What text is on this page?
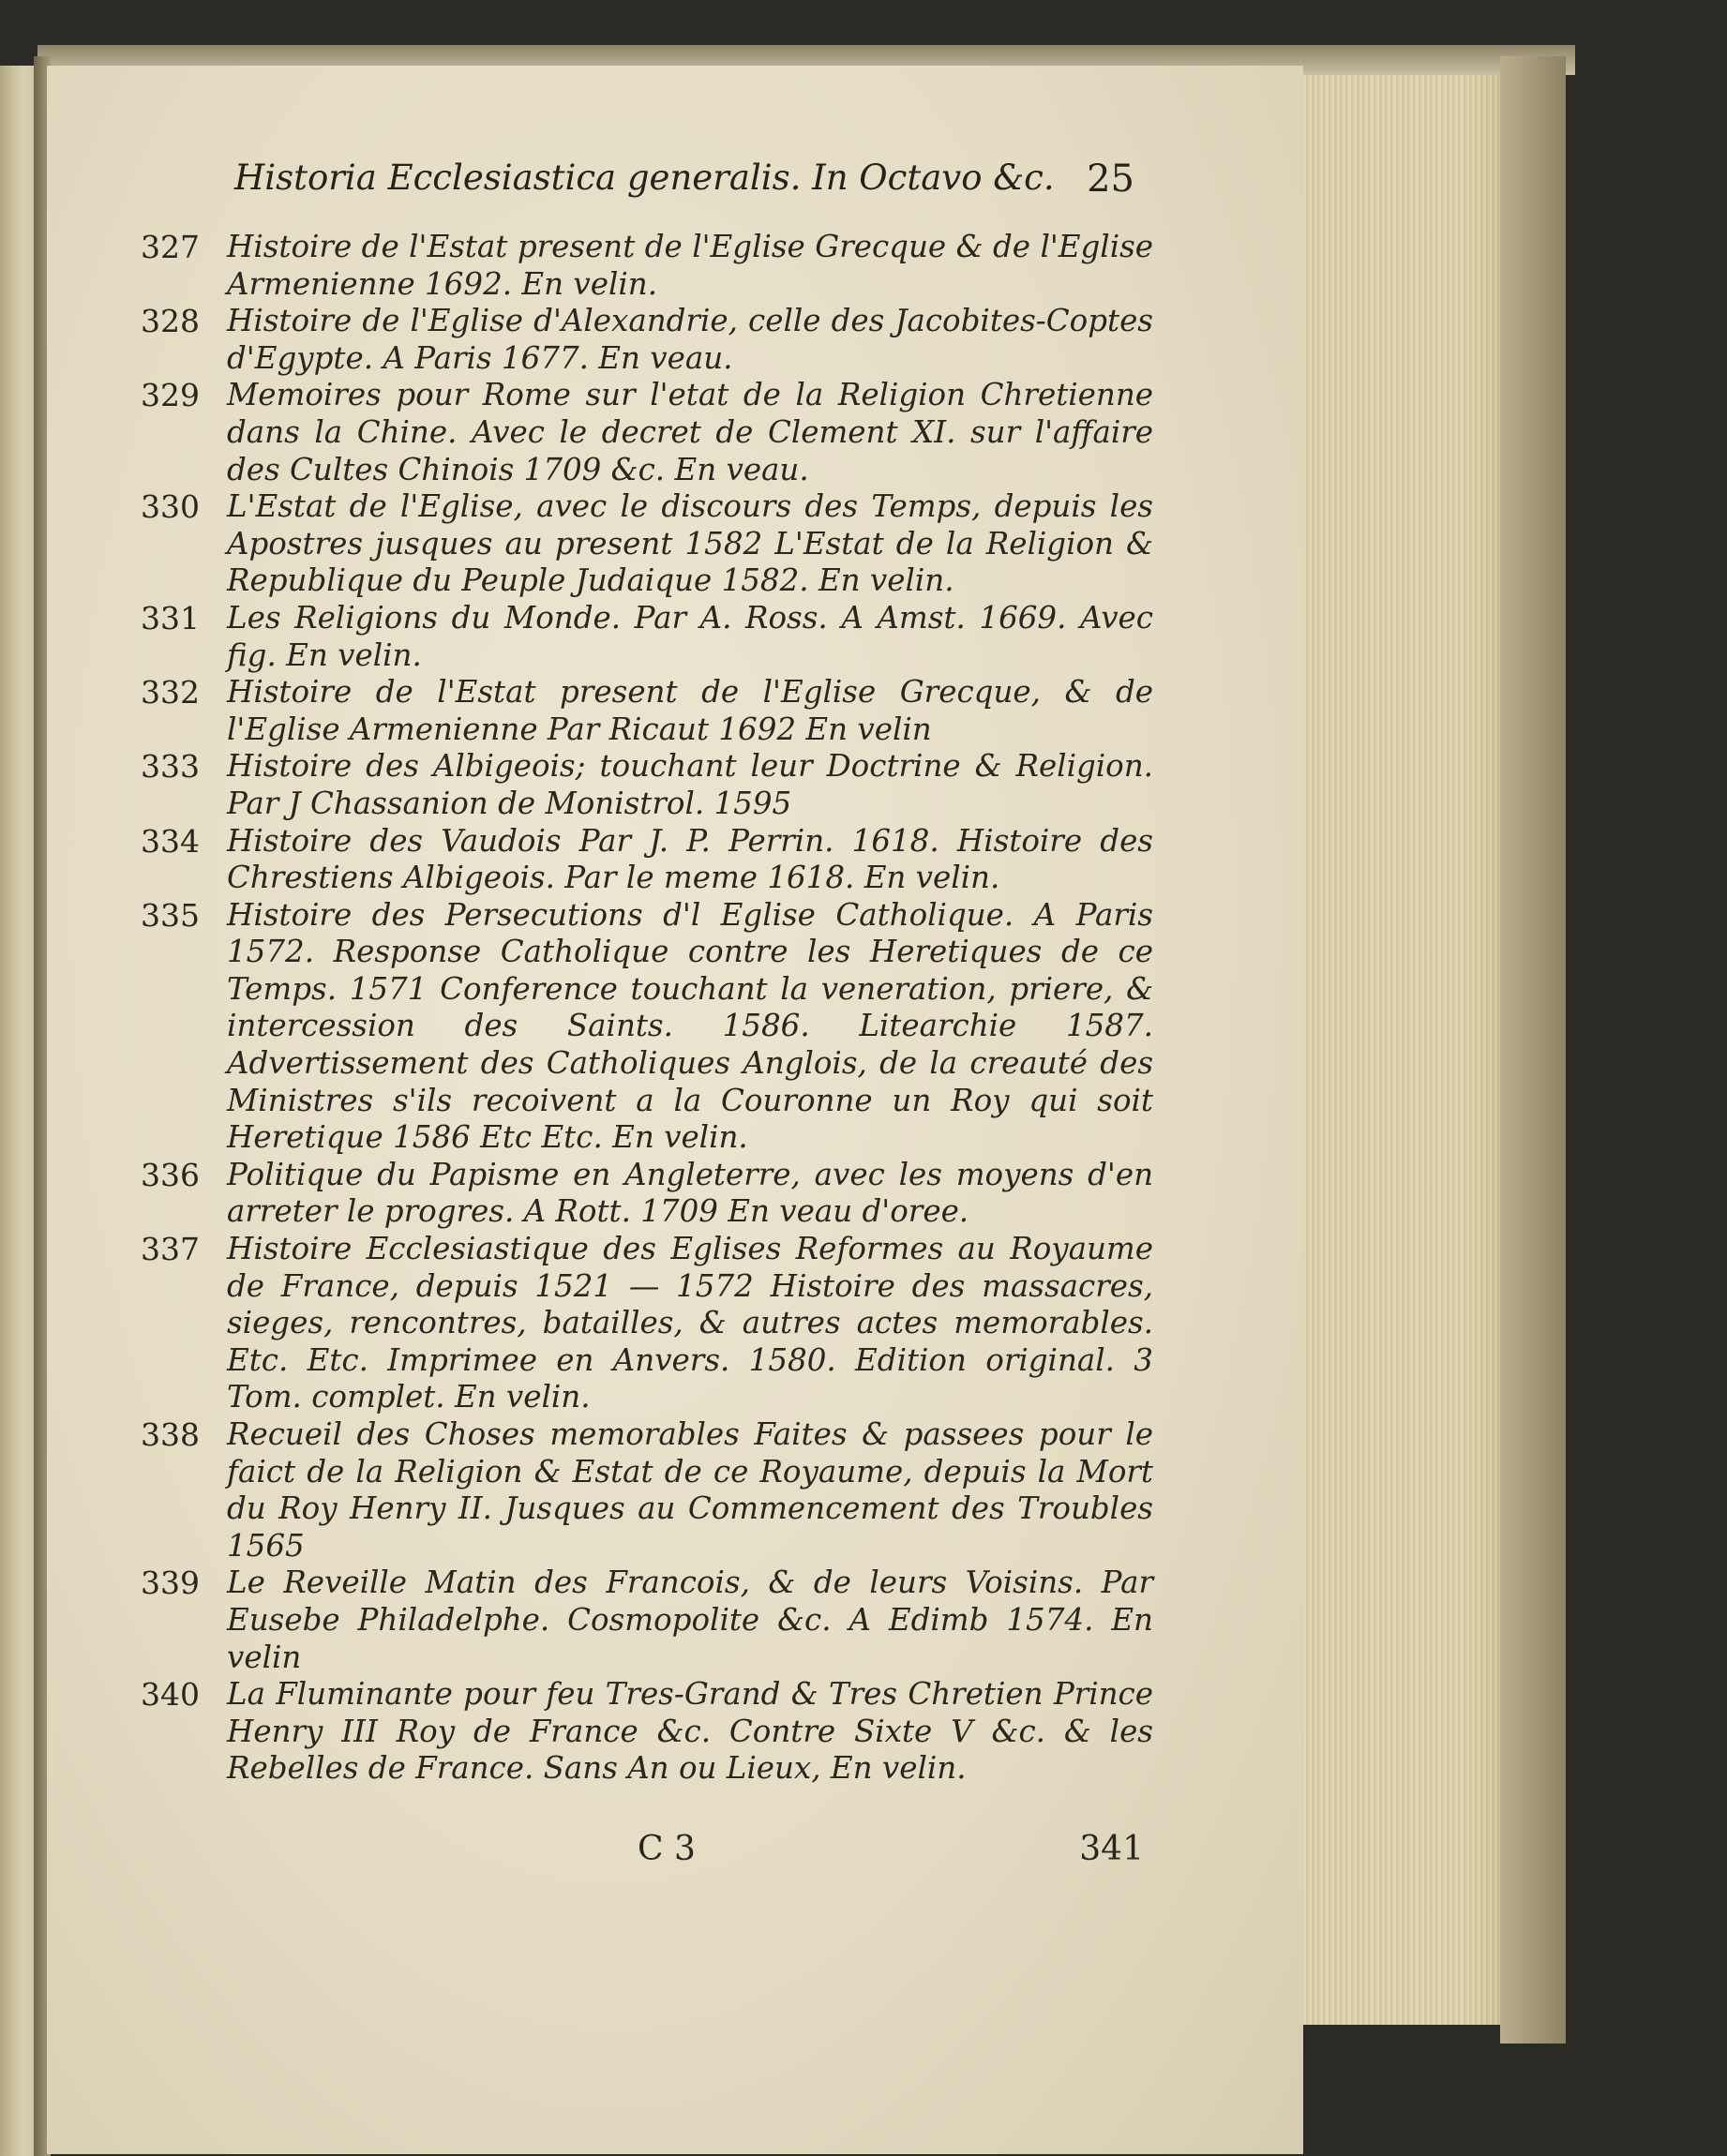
Historia Ecclesiastica generalis. In Octavo &c. 25
327 Histoire de l'Estat present de l'Eglise Grecque & de l'Eglise Armenienne 1692. En velin.
328 Histoire de l'Eglise d'Alexandrie, celle des Jacobites-Coptes d'Egypte. A Paris 1677. En veau.
329 Memoires pour Rome sur l'etat de la Religion Chretienne dans la Chine. Avec le decret de Clement XI. sur l'affaire des Cultes Chinois 1709 &c. En veau.
330 L'Estat de l'Eglise, avec le discours des Temps, depuis les Apostres jusques au present 1582 L'Estat de la Religion & Republique du Peuple Judaique 1582. En velin.
331 Les Religions du Monde. Par A. Ross. A Amst. 1669. Avec fig. En velin.
332 Histoire de l'Estat present de l'Eglise Grecque, & de l'Eglise Armenienne Par Ricaut 1692 En velin
333 Histoire des Albigeois; touchant leur Doctrine & Religion. Par J Chassanion de Monistrol. 1595
334 Histoire des Vaudois Par J. P. Perrin. 1618. Histoire des Chrestiens Albigeois. Par le meme 1618. En velin.
335 Histoire des Persecutions d'l Eglise Catholique. A Paris 1572. Response Catholique contre les Heretiques de ce Temps. 1571 Conference touchant la veneration, priere, & intercession des Saints. 1586. Litearchie 1587. Advertissement des Catholiques Anglois, de la creauté des Ministres s'ils recoivent a la Couronne un Roy qui soit Heretique 1586 Etc Etc. En velin.
336 Politique du Papisme en Angleterre, avec les moyens d'en arreter le progres. A Rott. 1709 En veau d'oree.
337 Histoire Ecclesiastique des Eglises Reformes au Royaume de France, depuis 1521 — 1572 Histoire des massacres, sieges, rencontres, batailles, & autres actes memorables. Etc. Etc. Imprimee en Anvers. 1580. Edition original. 3 Tom. complet. En velin.
338 Recueil des Choses memorables Faites & passees pour le faict de la Religion & Estat de ce Royaume, depuis la Mort du Roy Henry II. Jusques au Commencement des Troubles 1565
339 Le Reveille Matin des Francois, & de leurs Voisins. Par Eusebe Philadelphe. Cosmopolite &c. A Edimb 1574. En velin
340 La Fluminante pour feu Tres-Grand & Tres Chretien Prince Henry III Roy de France &c. Contre Sixte V &c. & les Rebelles de France. Sans An ou Lieux, En velin.
C 3	341
